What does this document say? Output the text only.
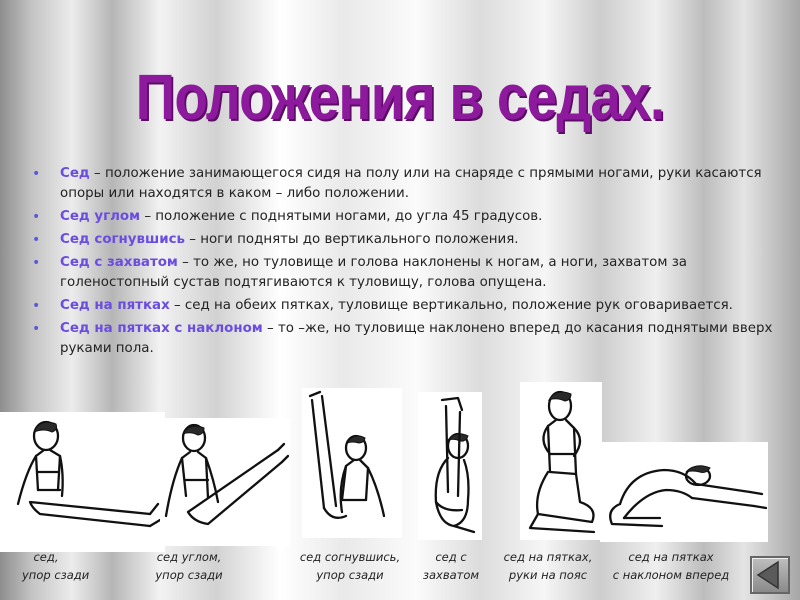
Положения в седах.
• Сед – положение занимающегося сидя на полу или на снаряде с прямыми ногами, руки касаются опоры или находятся в каком – либо положении.
• Сед углом – положение с поднятыми ногами, до угла 45 градусов.
• Сед согнувшись – ноги подняты до вертикального положения.
• Сед с захватом – то же, но туловище и голова наклонены к ногам, а ноги, захватом за голеностопный сустав подтягиваются к туловищу, голова опущена.
• Сед на пятках – сед на обеих пятках, туловище вертикально, положение рук оговаривается.
• Сед на пятках с наклоном – то –же, но туловище наклонено вперед до касания поднятыми вверх руками пола.
сед,
упор сзади
сед углом,
упор сзади
сед согнувшись,
упор сзади
сед с
захватом
сед на пятках,
руки на пояс
сед на пятках
с наклоном вперед
